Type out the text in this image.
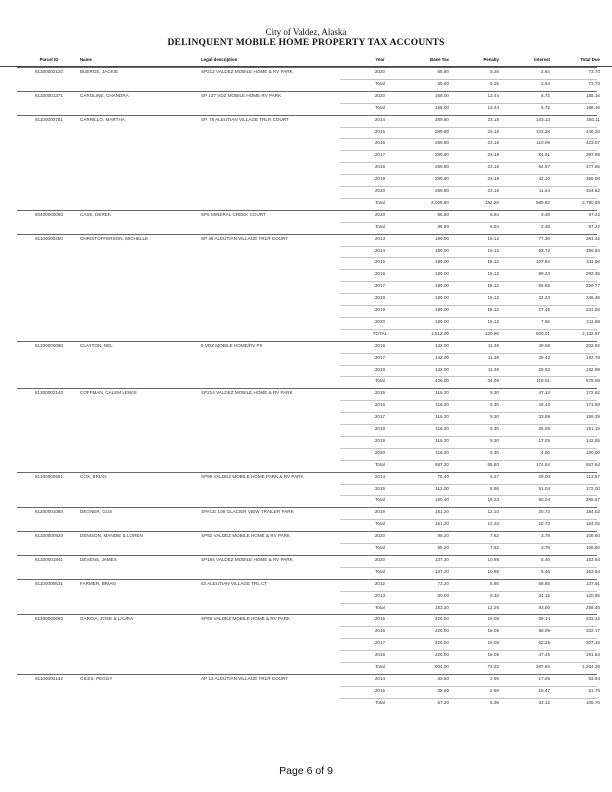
City of Valdez, Alaska
DELINQUENT MOBILE HOME PROPERTY TAX ACCOUNTS
Parcel ID	Name	Legal description	Year	Base Tax	Penalty	Interest	Total Due
81300002120	BUERGE, JACKIE	SP212 VALDEZ MOBILE HOME & RV PARK	2020	65.80	5.26	2.64	73.70
Total	65.80	5.26	2.64	73.70
81300001371	CAROLINE, CHANDRA	SP 137 VDZ MOBILE HOME RV PARK	2020	168.00	13.44	6.72	188.16
Total	168.00	13.44	6.72	188.16
81100000761	CARRILLO, MARTHA	SP. 76 ALEUTIAN VILLAGE TRLR COURT	2014	289.80	23.18	143.13	456.11
2015	289.80	23.18	133.28	446.26
2016	289.80	23.18	110.09	423.07
2017	289.80	23.18	84.91	397.89
2018	289.80	23.18	64.67	377.65
2019	289.80	23.18	42.10	355.08
2020	289.80	23.18	11.64	324.62
Total	2,028.60	162.26	589.82	2,780.68
80400000060	CASE, DEREK	SP6 MINERAL CREEK COURT	2020	86.80	6.94	3.48	97.22
Total	86.80	6.94	3.48	97.22
81100000450	CHRISTOFFERSON, MICHELLE	SP 45 ALEUTIAN VILLAGE TRLR COURT	2013	189.00	15.12	77.30	281.42
2014	189.00	15.12	92.72	296.84
2015	189.00	15.12	107.84	311.96
2016	189.00	15.12	89.24	293.36
2017	189.00	15.12	55.65	259.77
2018	189.00	15.12	42.24	246.36
2019	189.00	15.12	27.46	231.58
2020	189.00	15.12	7.56	211.68
TOTAL	1,512.00	120.96	500.01	2,132.97
81300000090	CLAYTON, NEL	9 VDZ MOBILE HOME/RV PK	2016	142.00	11.36	49.56	202.92
2017	142.00	11.36	39.42	192.78
2018	142.00	11.36	29.63	182.99
Total	426.00	34.08	118.61	578.69
81300002140	COFFMAN, CALEM LEWIS	SP214 VALDEZ MOBILE HOME & RV PARK	2015	116.20	9.30	47.12	172.62
2016	116.20	9.30	46.43	171.93
2017	116.20	9.30	33.89	159.39
2018	116.20	9.30	25.65	151.15
2019	116.20	9.30	17.05	142.55
2020	116.20	9.30	4.50	130.00
Total	697.20	55.80	174.64	927.64
81300000991	COX, BRIAN	SP99 VALDEZ MOBILE HOME PARK & RV PARK	2014	78.40	6.27	29.00	113.67
2015	112.00	8.96	51.04	172.00
Total	190.40	15.23	80.04	285.67
81200001080	DEGNER, GUS	SPACE 108 GLACIER VIEW TRAILER PARK	2019	151.20	12.10	20.72	184.02
Total	151.20	12.10	20.72	184.02
81300000920	DENISON, MANDIE & LOREN	SP92 VALDEZ MOBILE HOME & RV PARK	2020	95.20	7.62	3.78	106.60
Total	95.20	7.62	3.78	106.60
81300001941	DEVENS, JAMES	SP194 VALDEZ MOBILE HOME & RV PARK	2020	137.20	10.98	5.46	153.64
Total	137.20	10.98	5.46	153.64
81100000631	FARMER, BRIAN	63 ALEUTIAN VILLAGE TRL CT	2012	73.20	5.86	58.85	137.91
2013	80.00	6.40	34.15	120.55
Total	153.20	12.26	93.00	258.46
81300000660	GARCIA, JOSE & LAURA	SP66 VALDEZ MOBILE HOME & RV PARK	2015	226.00	18.08	89.14	333.22
2016	226.00	18.08	88.09	332.17
2017	226.00	18.08	63.25	307.33
2018	226.00	18.08	47.46	291.54
Total	904.00	72.32	287.94	1,264.26
81100000132	GILES, PEGGY	AP 13 ALEUTIAN VILLAGE TRLR COURT	2014	33.60	2.69	17.65	53.94
2015	33.60	2.69	15.47	51.76
Total	67.20	5.38	33.12	105.70
Page 6 of 9
